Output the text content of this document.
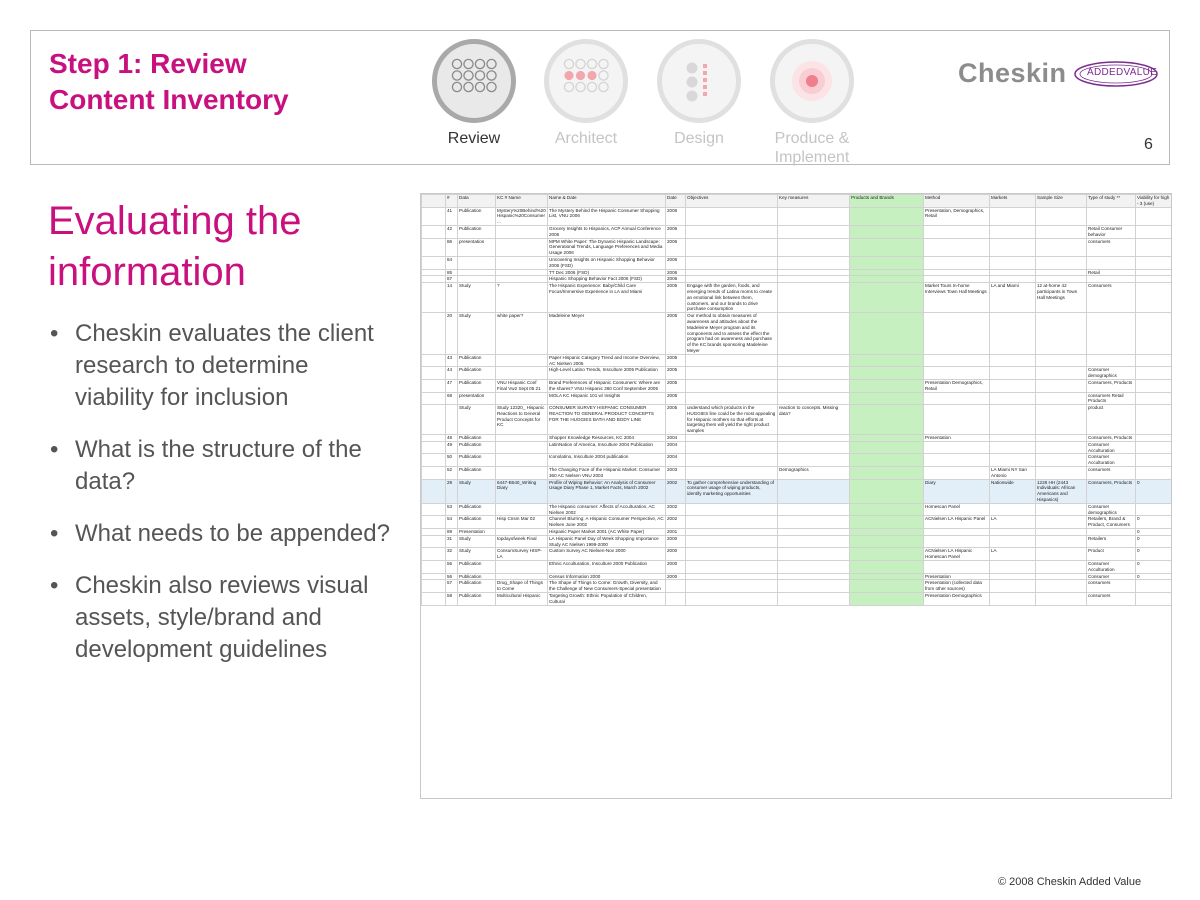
Step 1: Review
Content Inventory
Review	Architect	Design	Produce &
Implement
Cheskin ADDEDVALUE
6
Evaluating the
information
• Cheskin evaluates the client research to determine viability for inclusion
• What is the structure of the data?
• What needs to be appended?
• Cheskin also reviews visual assets, style/brand and development guidelines
	#	Data	KC # Name	Name & Date	Date	Objectives	Key measures	Products and Brands	Method	Markets	Sample Size	Type of study **	Viability for high - 3 (use)
	41	Publication	Mystery%20Behind%20Hispanic%20Consumer...	The Mystery Behind the Hispanic Consumer Shopping List, VNU 2006	2006				Presentation, Demographics, Retail				
	42	Publication		Grocery Insights to Hispanics, ACP Annual Conference 2006	2006							Retail Consumer behavior	
	86	presentation		MPM White Paper: The Dynamic Hispanic Landscape: Generational Trends, Language Preferences and Media Usage 2006	2006							consumers	
	84			Uncovering Insights on Hispanic Shopping Behavior 2006 (FSD)	2006								
	85			TT Dec 2006 (FSD)	2006							Retail	
	87			Hispanic Shopping Behavior Fact 2006 (FSD)	2006								
	14	Study	?	The Hispanic Experience: Baby/Child Care Focus/Immersive Experience in LA and Miami	2005	Engage with the garden, foods, and emerging trends of Latina moms to create an emotional link between them, customers, and our brands to drive purchase consumption			Market Tours In-home Interviews Town Hall Meetings	LA and Miami	12 at-home 42 participants in Town Hall Meetings	Consumers	
	20	Study	white paper?	Madeleine Meyer	2005	Our method to obtain measures of awareness and attitudes about the Madeleine Meyer program and its components and to assess the effect the program had on awareness and purchase of the KC brands sponsoring Madeleine Meyer							
	43	Publication		Paper Hispanic Category Trend and Income Overview, AC Nielsen 2005	2005								
	44	Publication		High-Level Latino Trends, Insculture 2005 Publication	2005							Consumer demographics	
	47	Publication	VNU Hispanic Conf Final Vw2 Sept 05 21	Brand Preferences of Hispanic Consumers: Where are the shares? VNU Hispanic 360 Conf September 2005	2005				Presentation Demographics, Retail			Consumers, Products	
	68	presentation		MOLA KC Hispanic 101 w/ Insights	2005							consumers Retail Products	
		Study	Study 12320_ Hispanic Reactions to General Product Concepts for KC	CONSUMER SURVEY HISPANIC CONSUMER REACTION TO GENERAL PRODUCT CONCEPTS FOR THE HUGGIES BATH AND BODY LINE	2005	understand which products in the HUGGIES line could be the most appealing for Hispanic mothers so that efforts at targeting them will yield the right product samples	reaction to concepts. Missing data?					product	
	48	Publication		Shopper Knowledge Resources, KC 2004	2004				Presentation			Consumers, Products	
	49	Publication		LatinNation of America, Insculture 2004 Publication	2004							Consumer Acculturation	
	50	Publication		Iconolatino, Insculture 2004 publication	2004							Consumer Acculturation	
	52	Publication		The Changing Face of the Hispanic Market: Consumer 360 AC Nielsen VNU 2003	2003		Demographics			LA Miami NY San Antonio		consumers	
	29	Study	6447-B540_Writing Diary	Profile of Wiping Behavior: An Analysis of Consumer Usage Diary Phase 1, Market Facts, March 2002	2002	To gather comprehensive understanding of consumer usage of wiping products, identify marketing opportunities			Diary	Nationwide	1228 HH (2443 Individuals: African Americans and Hispanics)	Consumers, Products	0
	53	Publication		The Hispanic consumer: Affects of Acculturation, AC Nielsen 2002	2002				Homescan Panel			Consumer demographics	
	54	Publication	Hisp Cnsm Mar 02	Channel Blurring: A Hispanic Consumer Perspective, AC Nielsen June 2002	2002				ACNielsen LA Hispanic Panel	LA		Retailers, Brand & Product, Consumers	0
	89	Presentation		Hispanic Paper Market 2001 (AC White Paper)	2001								0
	31	Study	topdayofweek Final	LA Hispanic Panel Day of Week Shopping Importance Study AC Nielsen 1999-2000	2000							Retailers	0
	32	Study	ConsumSurvey HISP-LA	Custom Survey AC Nielsen-Nov 2000	2000				ACNielsen LA Hispanic Homescan Panel	LA		Product	0
	55	Publication		Ethnic Acculturation, Insculture 2000 Publication	2000							Consumer Acculturation	0
	56	Publication		Census Information 2000	2000				Presentation			Consumer	0
	57	Publication	Drug_Shape of Things to Come	The Shape of Things to Come: Growth, Diversity, and the Challenge of New Consumers-Special presentation					Presentation (collected data from other sources)			consumers	
	58	Publication	Multicultural Hispanic	Targeting Growth: Ethnic Population of Children, Cultural					Presentation Demographics			consumers	
© 2008 Cheskin Added Value
